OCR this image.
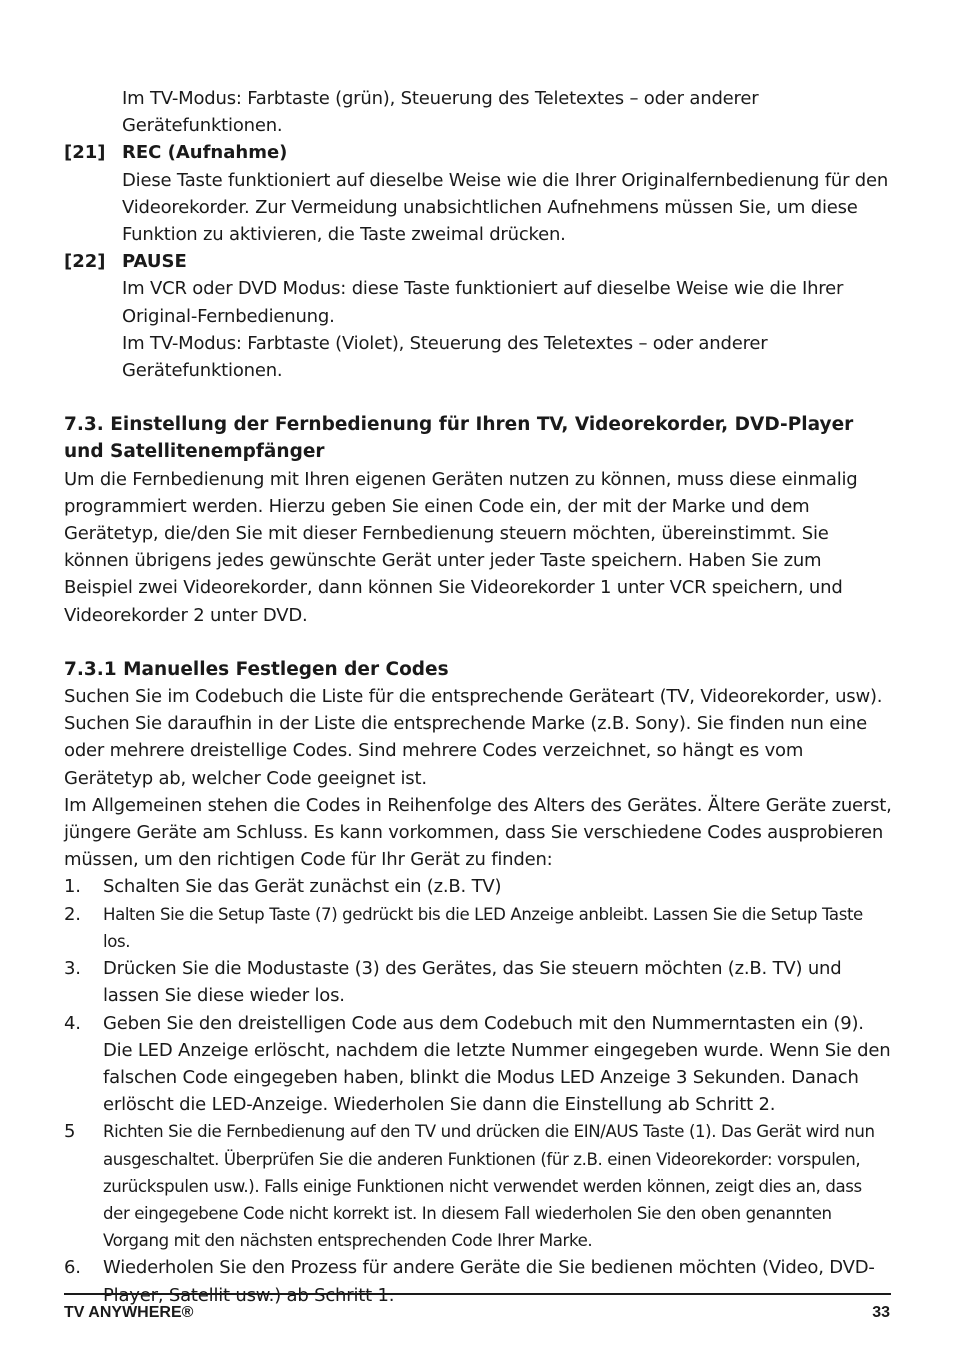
Im TV-Modus: Farbtaste (grün), Steuerung des Teletextes – oder anderer
Gerätefunktionen.
[21] REC (Aufnahme)
Diese Taste funktioniert auf dieselbe Weise wie die Ihrer Originalfernbedienung für den Videorekorder. Zur Vermeidung unabsichtlichen Aufnehmens müssen Sie, um diese Funktion zu aktivieren, die Taste zweimal drücken.
[22] PAUSE
Im VCR oder DVD Modus: diese Taste funktioniert auf dieselbe Weise wie die Ihrer Original-Fernbedienung.
Im TV-Modus: Farbtaste (Violet), Steuerung des Teletextes – oder anderer Gerätefunktionen.
7.3. Einstellung der Fernbedienung für Ihren TV, Videorekorder, DVD-Player und Satellitenempfänger
Um die Fernbedienung mit Ihren eigenen Geräten nutzen zu können, muss diese einmalig programmiert werden. Hierzu geben Sie einen Code ein, der mit der Marke und dem Gerätetyp, die/den Sie mit dieser Fernbedienung steuern möchten, übereinstimmt. Sie können übrigens jedes gewünschte Gerät unter jeder Taste speichern. Haben Sie zum Beispiel zwei Videorekorder, dann können Sie Videorekorder 1 unter VCR speichern, und Videorekorder 2 unter DVD.
7.3.1 Manuelles Festlegen der Codes
Suchen Sie im Codebuch die Liste für die entsprechende Geräteart (TV, Videorekorder, usw). Suchen Sie daraufhin in der Liste die entsprechende Marke (z.B. Sony). Sie finden nun eine oder mehrere dreistellige Codes. Sind mehrere Codes verzeichnet, so hängt es vom Gerätetyp ab, welcher Code geeignet ist.
Im Allgemeinen stehen die Codes in Reihenfolge des Alters des Gerätes. Ältere Geräte zuerst, jüngere Geräte am Schluss. Es kann vorkommen, dass Sie verschiedene Codes ausprobieren müssen, um den richtigen Code für Ihr Gerät zu finden:
1.	Schalten Sie das Gerät zunächst ein (z.B. TV)
2.	Halten Sie die Setup Taste (7) gedrückt bis die LED Anzeige anbleibt. Lassen Sie die Setup Taste los.
3.	Drücken Sie die Modustaste (3) des Gerätes, das Sie steuern möchten (z.B. TV) und lassen Sie diese wieder los.
4.	Geben Sie den dreistelligen Code aus dem Codebuch mit den Nummerntasten ein (9). Die LED Anzeige erlöscht, nachdem die letzte Nummer eingegeben wurde. Wenn Sie den falschen Code eingegeben haben, blinkt die Modus LED Anzeige 3 Sekunden. Danach erlöscht die LED-Anzeige. Wiederholen Sie dann die Einstellung ab Schritt 2.
5	Richten Sie die Fernbedienung auf den TV und drücken die EIN/AUS Taste (1). Das Gerät wird nun ausgeschaltet. Überprüfen Sie die anderen Funktionen (für z.B. einen Videorekorder: vorspulen, zurückspulen usw.). Falls einige Funktionen nicht verwendet werden können, zeigt dies an, dass der eingegebene Code nicht korrekt ist. In diesem Fall wiederholen Sie den oben genannten Vorgang mit den nächsten entsprechenden Code Ihrer Marke.
6.	Wiederholen Sie den Prozess für andere Geräte die Sie bedienen möchten (Video, DVD-Player, Satellit usw.) ab Schritt 1.
TV ANYWHERE®	33
